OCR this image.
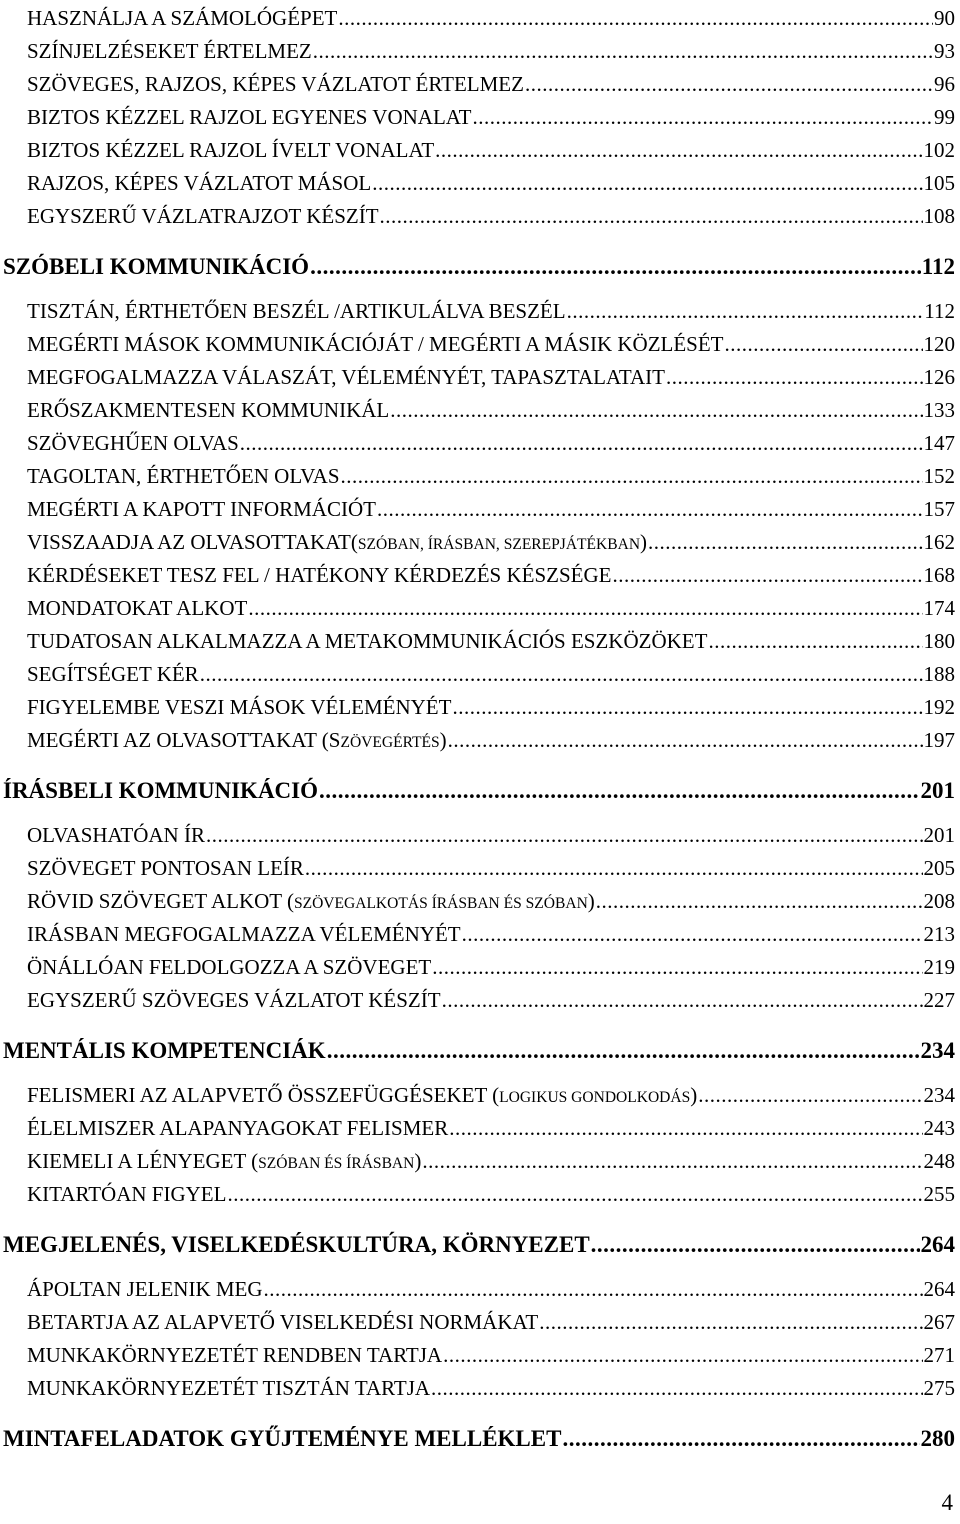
HASZNÁLJA A SZÁMOLÓGÉPET .....	90
SZÍNJELZÉSEKET ÉRTELMEZ .....	93
SZÖVEGES, RAJZOS, KÉPES VÁZLATOT ÉRTELMEZ .....	96
BIZTOS KÉZZEL RAJZOL EGYENES VONALAT .....	99
BIZTOS KÉZZEL RAJZOL ÍVELT VONALAT .....	102
RAJZOS, KÉPES VÁZLATOT MÁSOL .....	105
EGYSZERŰ VÁZLATRAJZOT KÉSZÍT .....	108
SZÓBELI KOMMUNIKÁCIÓ .....	112
TISZTÁN, ÉRTHETŐEN BESZÉL /ARTIKULÁLVA BESZÉL .....	112
MEGÉRTI MÁSOK KOMMUNIKÁCIÓJÁT / MEGÉRTI A MÁSIK KÖZLÉSÉT .....	120
MEGFOGALMAZZA VÁLASZÁT, VÉLEMÉNYÉT, TAPASZTALATAIT .....	126
ERŐSZAKMENTESEN KOMMUNIKÁL .....	133
SZÖVEGHŰEN OLVAS .....	147
TAGOLTAN, ÉRTHETŐEN OLVAS .....	152
MEGÉRTI A KAPOTT INFORMÁCIÓT .....	157
VISSZAADJA AZ OLVASOTTAKAT(SZÓBAN, ÍRÁSBAN, SZEREPJÁTÉKBAN) .....	162
KÉRDÉSEKET TESZ FEL / HATÉKONY KÉRDEZÉS KÉSZSÉGE .....	168
MONDATOKAT ALKOT .....	174
TUDATOSAN ALKALMAZZA A METAKOMMUNIKÁCIÓS ESZKÖZÖKET .....	180
SEGÍTSÉGET KÉR .....	188
FIGYELEMBE VESZI MÁSOK VÉLEMÉNYÉT .....	192
MEGÉRTI AZ OLVASOTTAKAT (SZÖVEGÉRTÉS) .....	197
ÍRÁSBELI KOMMUNIKÁCIÓ .....	201
OLVASHATÓAN ÍR .....	201
SZÖVEGET PONTOSAN LEÍR .....	205
RÖVID SZÖVEGET ALKOT (SZÖVEGALKOTÁS ÍRÁSBAN ÉS SZÓBAN) .....	208
IRÁSBAN MEGFOGALMAZZA VÉLEMÉNYÉT .....	213
ÖNÁLLÓAN FELDOLGOZZA A SZÖVEGET .....	219
EGYSZERŰ SZÖVEGES VÁZLATOT KÉSZÍT .....	227
MENTÁLIS KOMPETENCIÁK .....	234
FELISMERI AZ ALAPVETŐ ÖSSZEFÜGGÉSEKET (LOGIKUS GONDOLKODÁS) .....	234
ÉLELMISZER ALAPANYAGOKAT FELISMER .....	243
KIEMELI A LÉNYEGET (SZÓBAN ÉS ÍRÁSBAN) .....	248
KITARTÓAN FIGYEL .....	255
MEGJELENÉS, VISELKEDÉSKULTÚRA, KÖRNYEZET .....	264
ÁPOLTAN JELENIK MEG .....	264
BETARTJA AZ ALAPVETŐ VISELKEDÉSI NORMÁKAT .....	267
MUNKAKÖRNYEZETÉT RENDBEN TARTJA .....	271
MUNKAKÖRNYEZETÉT TISZTÁN TARTJA .....	275
MINTAFELADATOK GYŰJTEMÉNYE MELLÉKLET .....	280
4
